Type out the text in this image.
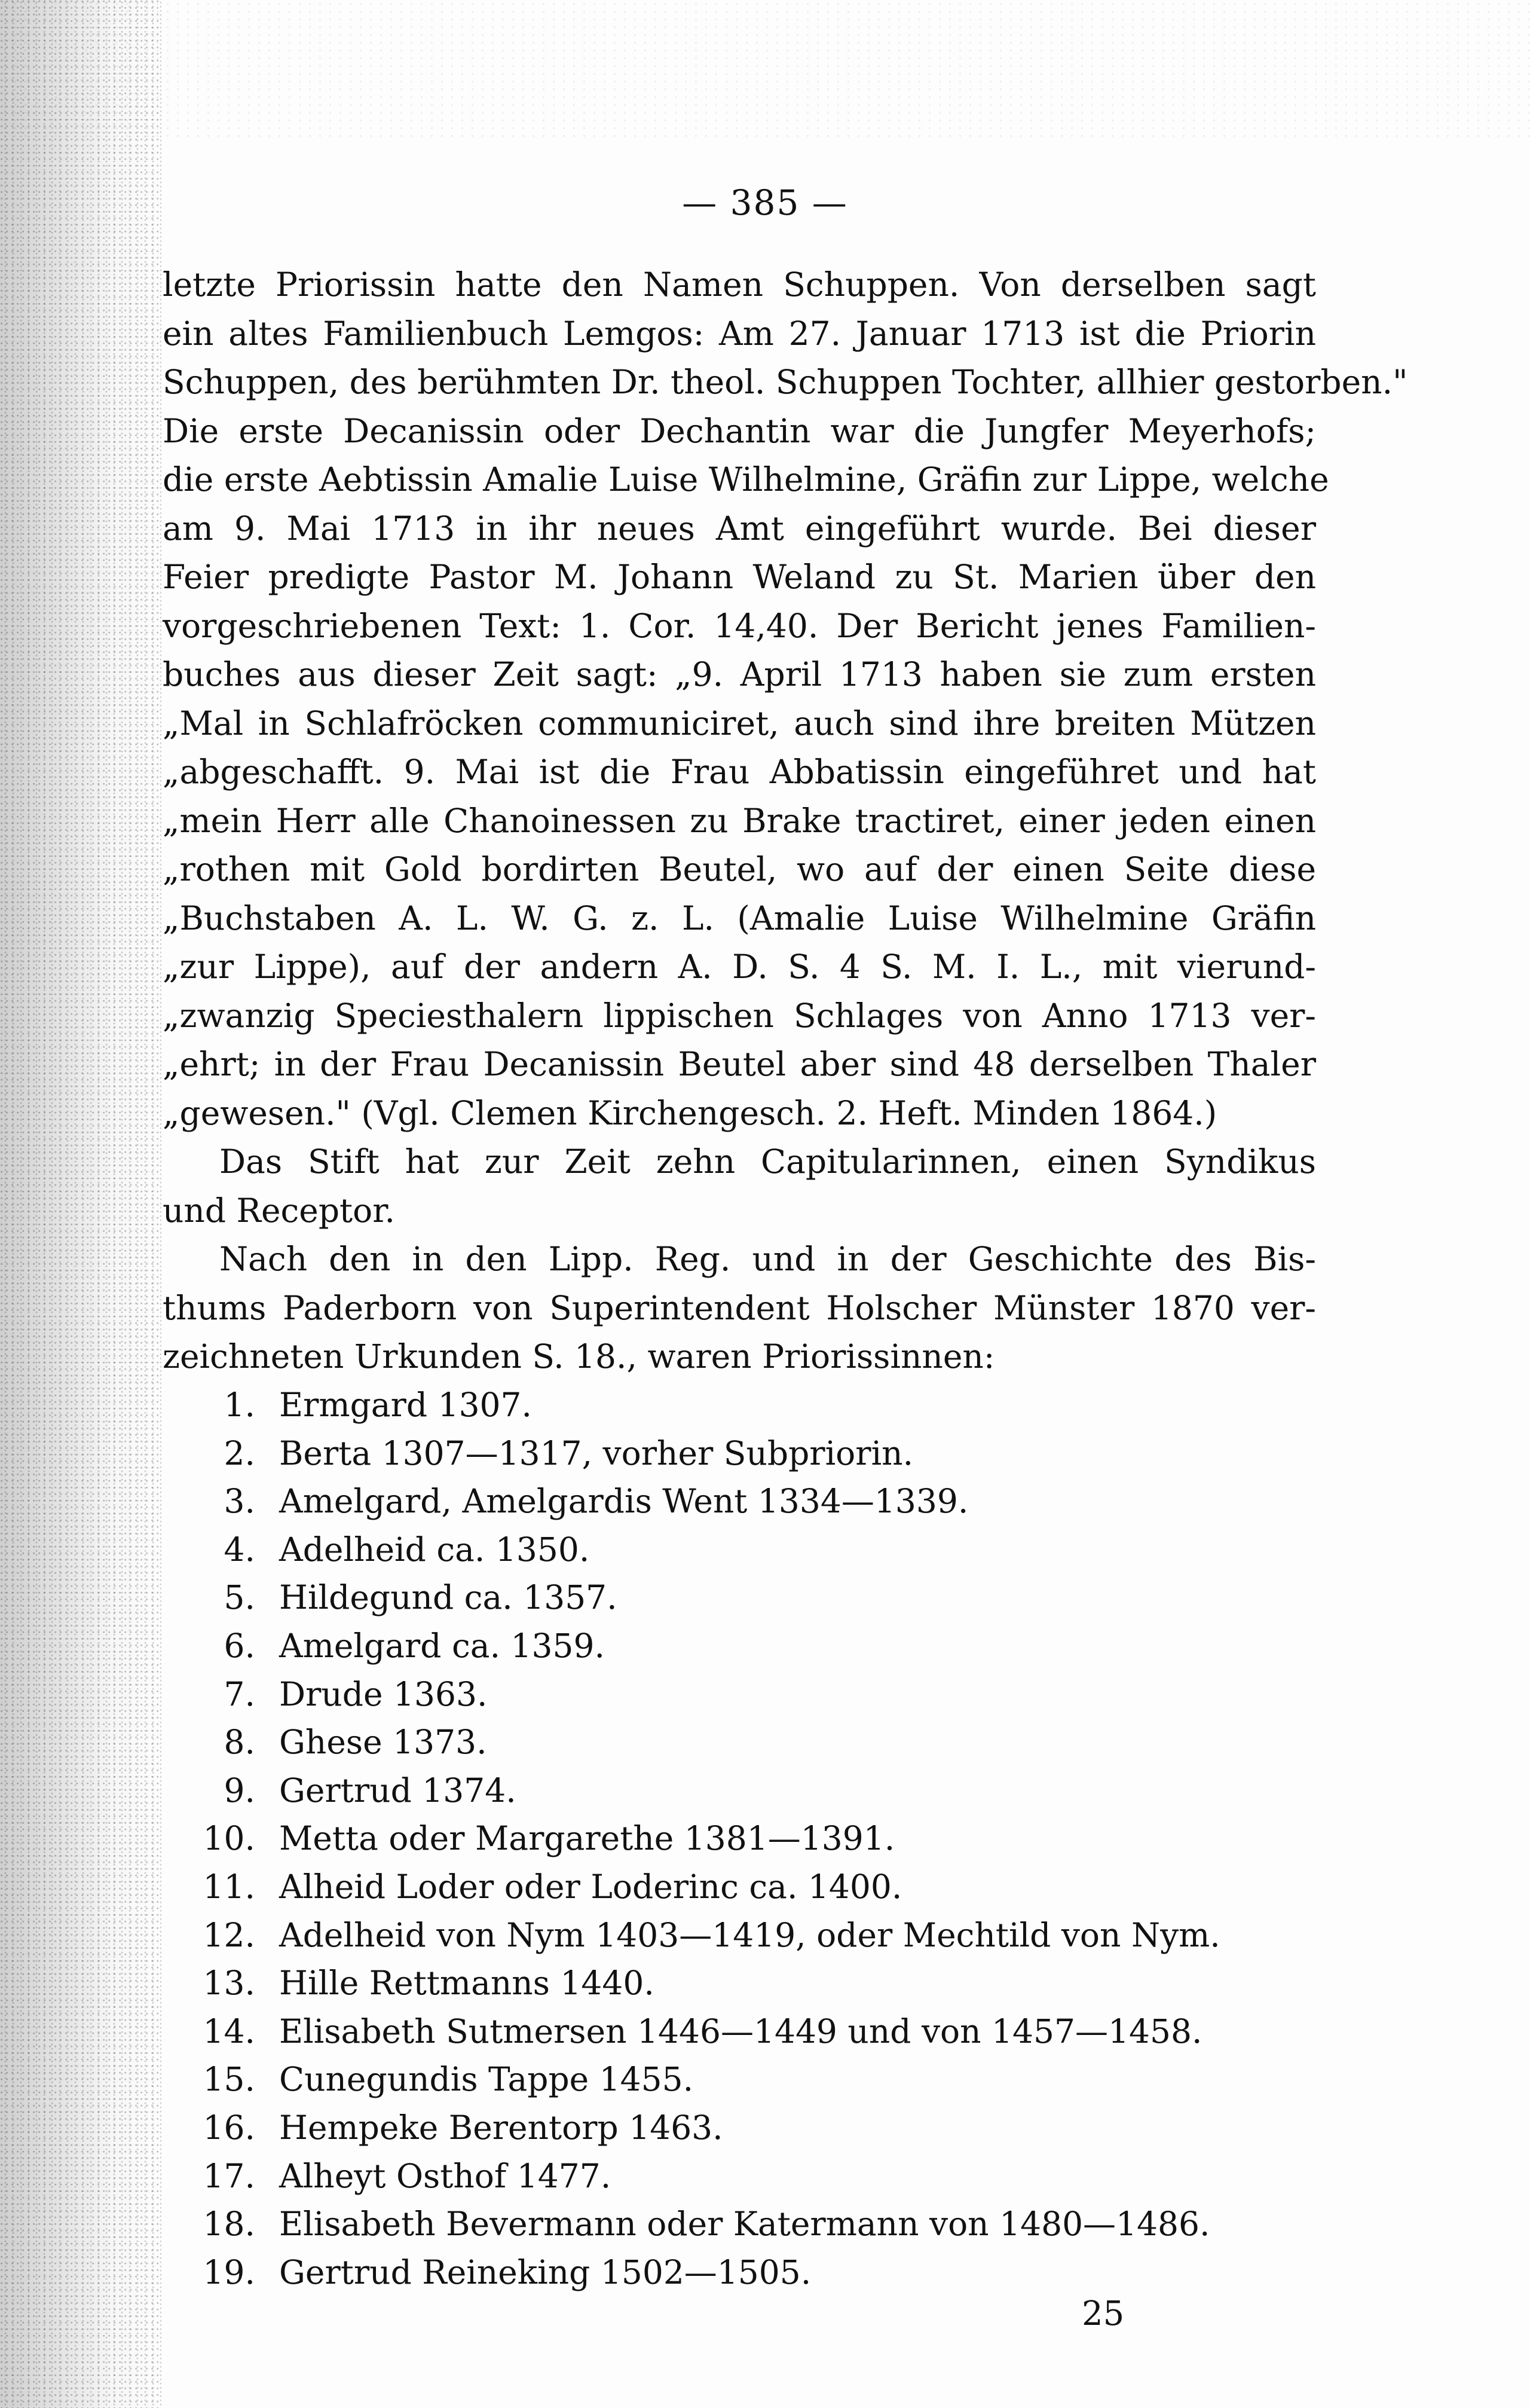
— 385 —
letzte Priorissin hatte den Namen Schuppen. Von derselben sagt
ein altes Familienbuch Lemgos: Am 27. Januar 1713 ist die Priorin
Schuppen, des berühmten Dr. theol. Schuppen Tochter, allhier gestorben."
Die erste Decanissin oder Dechantin war die Jungfer Meyerhofs;
die erste Aebtissin Amalie Luise Wilhelmine, Gräfin zur Lippe, welche
am 9. Mai 1713 in ihr neues Amt eingeführt wurde. Bei dieser
Feier predigte Pastor M. Johann Weland zu St. Marien über den
vorgeschriebenen Text: 1. Cor. 14,40. Der Bericht jenes Familien-
buches aus dieser Zeit sagt: „9. April 1713 haben sie zum ersten
„Mal in Schlafröcken communiciret, auch sind ihre breiten Mützen
„abgeschafft. 9. Mai ist die Frau Abbatissin eingeführet und hat
„mein Herr alle Chanoinessen zu Brake tractiret, einer jeden einen
„rothen mit Gold bordirten Beutel, wo auf der einen Seite diese
„Buchstaben A. L. W. G. z. L. (Amalie Luise Wilhelmine Gräfin
„zur Lippe), auf der andern A. D. S. 4 S. M. I. L., mit vierund-
„zwanzig Speciesthalern lippischen Schlages von Anno 1713 ver-
„ehrt; in der Frau Decanissin Beutel aber sind 48 derselben Thaler
„gewesen." (Vgl. Clemen Kirchengesch. 2. Heft. Minden 1864.)
Das Stift hat zur Zeit zehn Capitularinnen, einen Syndikus
und Receptor.
Nach den in den Lipp. Reg. und in der Geschichte des Bis-
thums Paderborn von Superintendent Holscher Münster 1870 ver-
zeichneten Urkunden S. 18., waren Priorissinnen:
1. Ermgard 1307.
2. Berta 1307—1317, vorher Subpriorin.
3. Amelgard, Amelgardis Went 1334—1339.
4. Adelheid ca. 1350.
5. Hildegund ca. 1357.
6. Amelgard ca. 1359.
7. Drude 1363.
8. Ghese 1373.
9. Gertrud 1374.
10. Metta oder Margarethe 1381—1391.
11. Alheid Loder oder Loderinc ca. 1400.
12. Adelheid von Nym 1403—1419, oder Mechtild von Nym.
13. Hille Rettmanns 1440.
14. Elisabeth Sutmersen 1446—1449 und von 1457—1458.
15. Cunegundis Tappe 1455.
16. Hempeke Berentorp 1463.
17. Alheyt Osthof 1477.
18. Elisabeth Bevermann oder Katermann von 1480—1486.
19. Gertrud Reineking 1502—1505.
25
